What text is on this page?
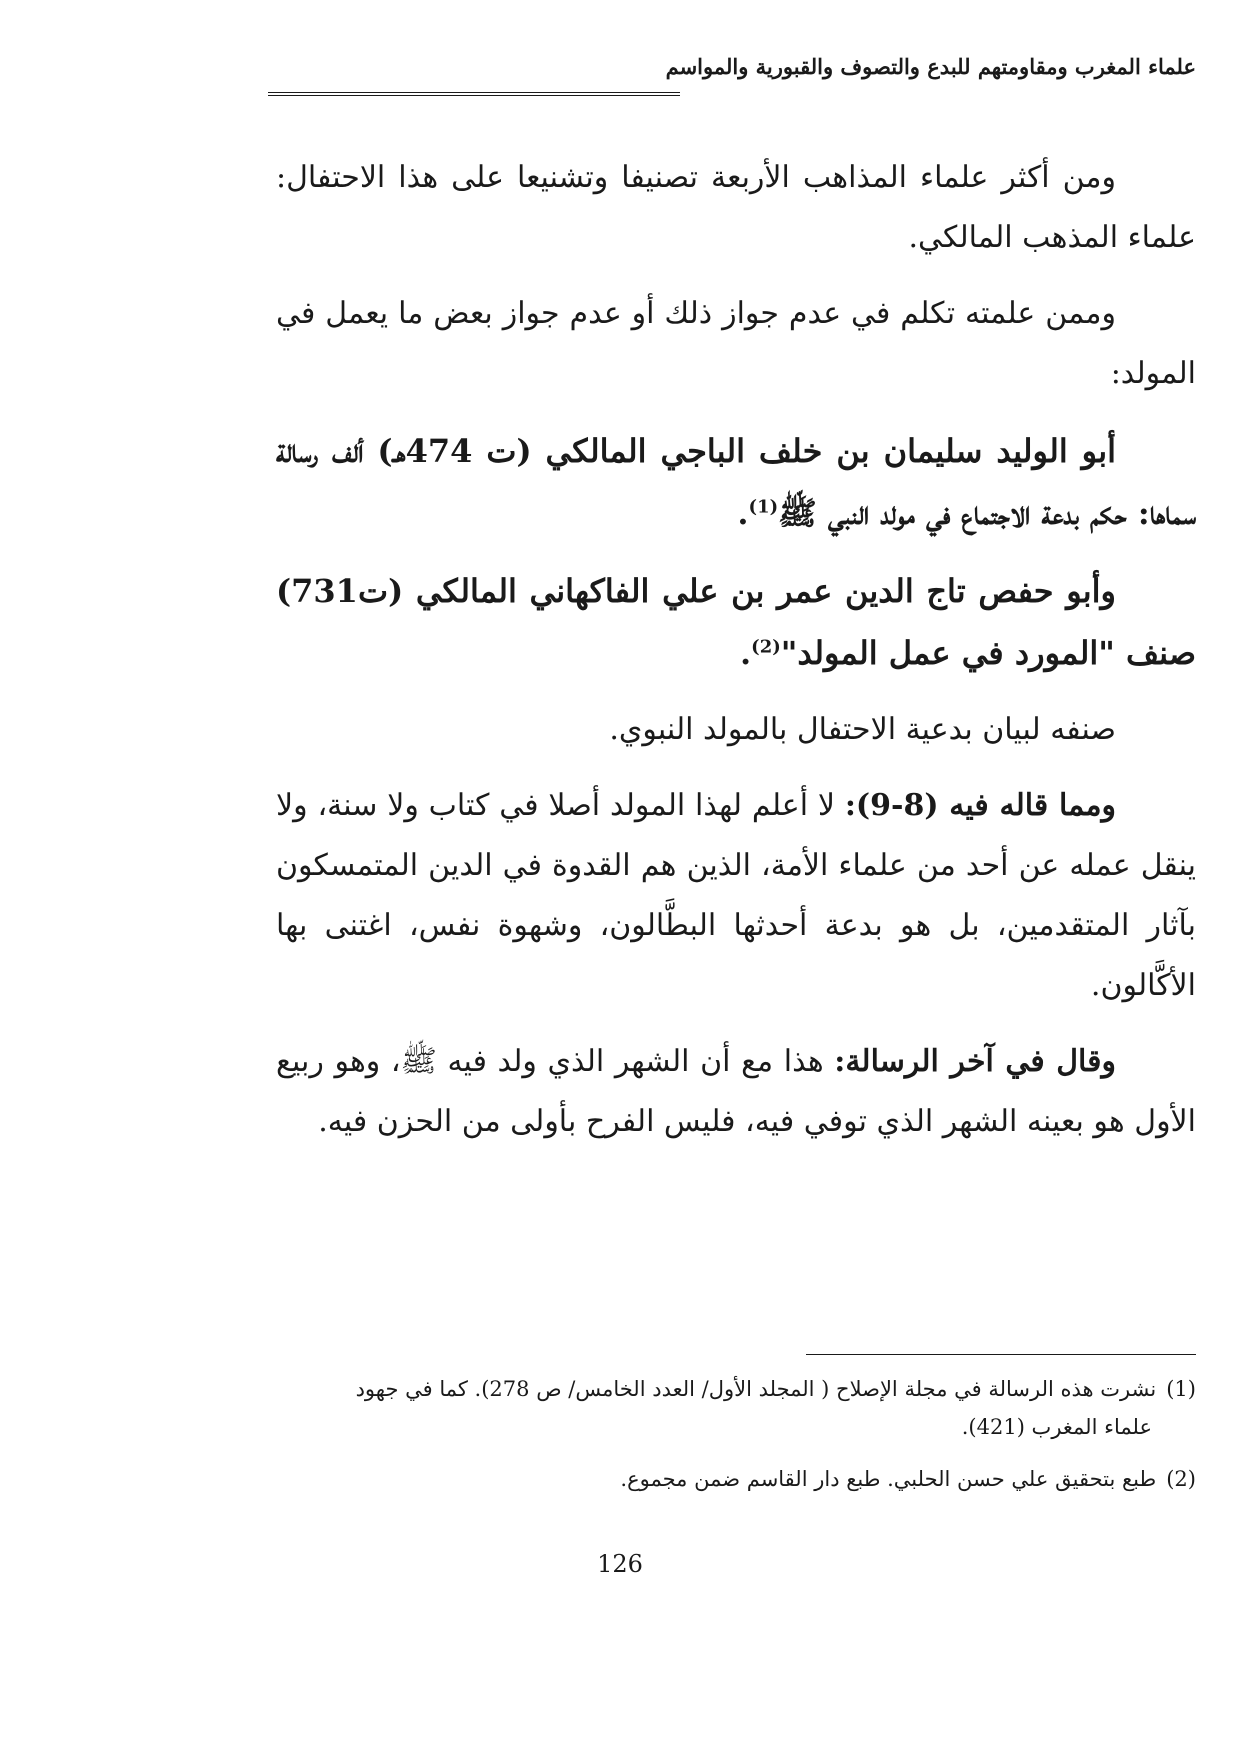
علماء المغرب ومقاومتهم للبدع والتصوف والقبورية والمواسم

ومن أكثر علماء المذاهب الأربعة تصنيفا وتشنيعا على هذا الاحتفال: علماء المذهب المالكي.

وممن علمته تكلم في عدم جواز ذلك أو عدم جواز بعض ما يعمل في المولد:

أبو الوليد سليمان بن خلف الباجي المالكي (ت 474هـ) ألف رسالة سماها: حكم بدعة الاجتماع في مولد النبي ﷺ$^{(1)}$.

وأبو حفص تاج الدين عمر بن علي الفاكهاني المالكي (ت731) صنف "المورد في عمل المولد"$^{(2)}$.

صنفه لبيان بدعية الاحتفال بالمولد النبوي.

ومما قاله فيه (8-9): لا أعلم لهذا المولد أصلا في كتاب ولا سنة، ولا ينقل عمله عن أحد من علماء الأمة، الذين هم القدوة في الدين المتمسكون بآثار المتقدمين، بل هو بدعة أحدثها البطَّالون، وشهوة نفس، اغتنى بها الأكَّالون.

وقال في آخر الرسالة: هذا مع أن الشهر الذي ولد فيه ﷺ، وهو ربيع الأول هو بعينه الشهر الذي توفي فيه، فليس الفرح بأولى من الحزن فيه.

(1)نشرت هذه الرسالة في مجلة الإصلاح ( المجلد الأول/ العدد الخامس/ ص 278). كما في جهود
علماء المغرب (421).

(2)طبع بتحقيق علي حسن الحلبي. طبع دار القاسم ضمن مجموع.

126
